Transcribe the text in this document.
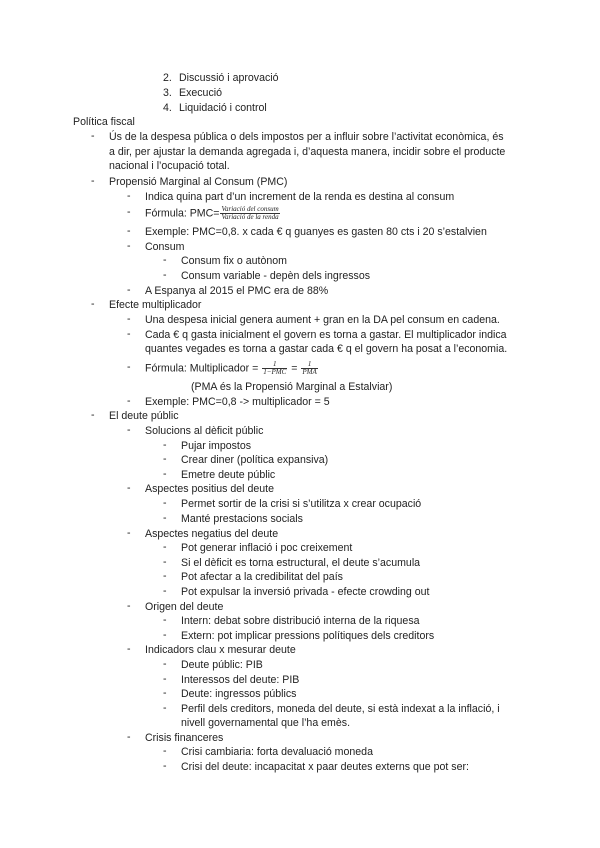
2. Discussió i aprovació
3. Execució
4. Liquidació i control
Política fiscal
-	Ús de la despesa pública o dels impostos per a influir sobre l’activitat econòmica, és
a dir, per ajustar la demanda agregada i, d’aquesta manera, incidir sobre el producte
nacional i l’ocupació total.
-	Propensió Marginal al Consum (PMC)
-	Indica quina part d’un increment de la renda es destina al consum
-	Fórmula: $PMC= \frac{\text{Variació del consum}}{\text{Variació de la renda}}$
-	Exemple: PMC=0,8. x cada € q guanyes es gasten 80 cts i 20 s’estalvien
-	Consum
-	Consum fix o autònom
-	Consum variable - depèn dels ingressos
-	A Espanya al 2015 el PMC era de 88%
-	Efecte multiplicador
-	Una despesa inicial genera aument + gran en la DA pel consum en cadena.
-	Cada € q gasta inicialment el govern es torna a gastar. El multiplicador indica
quantes vegades es torna a gastar cada € q el govern ha posat a l’economia.
-	Fórmula: Multiplicador = $\frac{1}{\text{1−PMC}} = \frac{1}{\text{PMA}}$
(PMA és la Propensió Marginal a Estalviar)
-	Exemple: PMC=0,8 -> multiplicador = 5
-	El deute públic
-	Solucions al dèficit públic
-	Pujar impostos
-	Crear diner (política expansiva)
-	Emetre deute públic
-	Aspectes positius del deute
-	Permet sortir de la crisi si s’utilitza x crear ocupació
-	Manté prestacions socials
-	Aspectes negatius del deute
-	Pot generar inflació i poc creixement
-	Si el dèficit es torna estructural, el deute s’acumula
-	Pot afectar a la credibilitat del país
-	Pot expulsar la inversió privada - efecte crowding out
-	Origen del deute
-	Intern: debat sobre distribució interna de la riquesa
-	Extern: pot implicar pressions polítiques dels creditors
-	Indicadors clau x mesurar deute
-	Deute públic: PIB
-	Interessos del deute: PIB
-	Deute: ingressos públics
-	Perfil dels creditors, moneda del deute, si està indexat a la inflació, i
nivell governamental que l’ha emès.
-	Crisis financeres
-	Crisi cambiaria: forta devaluació moneda
-	Crisi del deute: incapacitat x paar deutes externs que pot ser:
